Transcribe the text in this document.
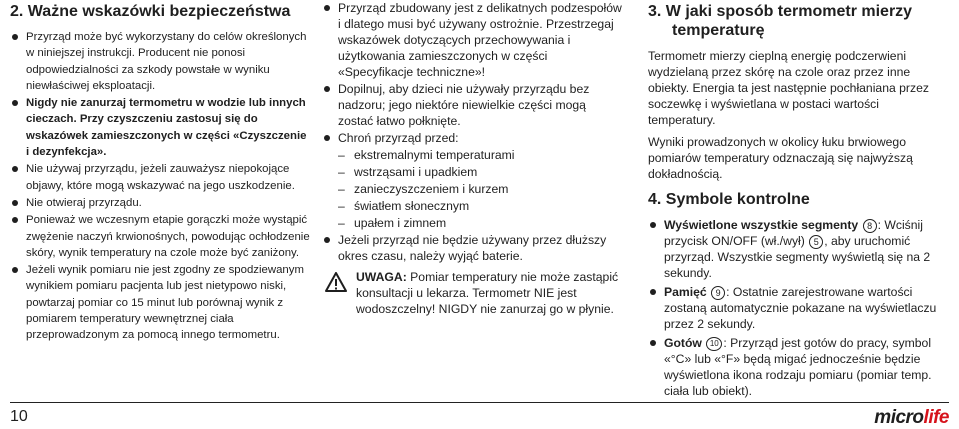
2. Ważne wskazówki bezpieczeństwa
Przyrząd może być wykorzystany do celów określonych w niniejszej instrukcji. Producent nie ponosi odpowiedzialności za szkody powstałe w wyniku niewłaściwej eksploatacji.
Nigdy nie zanurzaj termometru w wodzie lub innych cieczach. Przy czyszczeniu zastosuj się do wskazówek zamieszczonych w części «Czyszczenie i dezynfekcja».
Nie używaj przyrządu, jeżeli zauważysz niepokojące objawy, które mogą wskazywać na jego uszkodzenie.
Nie otwieraj przyrządu.
Ponieważ we wczesnym etapie gorączki może wystąpić zwężenie naczyń krwionośnych, powodując ochłodzenie skóry, wynik temperatury na czole może być zaniżony.
Jeżeli wynik pomiaru nie jest zgodny ze spodziewanym wynikiem pomiaru pacjenta lub jest nietypowo niski, powtarzaj pomiar co 15 minut lub porównaj wynik z pomiarem temperatury wewnętrznej ciała przeprowadzonym za pomocą innego termometru.
Przyrząd zbudowany jest z delikatnych podzespołów i dlatego musi być używany ostrożnie. Przestrzegaj wskazówek dotyczących przechowywania i użytkowania zamieszczonych w części «Specyfikacje techniczne»!
Dopilnuj, aby dzieci nie używały przyrządu bez nadzoru; jego niektóre niewielkie części mogą zostać łatwo połknięte.
Chroń przyrząd przed:
– ekstremalnymi temperaturami
– wstrząsami i upadkiem
– zanieczyszczeniem i kurzem
– światłem słonecznym
– upałem i zimnem
Jeżeli przyrząd nie będzie używany przez dłuższy okres czasu, należy wyjąć baterie.
UWAGA: Pomiar temperatury nie może zastąpić konsultacji u lekarza. Termometr NIE jest wodoszczelny! NIGDY nie zanurzaj go w płynie.
3. W jaki sposób termometr mierzy temperaturę

Termometr mierzy cieplną energię podczerwieni wydzielaną przez skórę na czole oraz przez inne obiekty. Energia ta jest następnie pochłaniana przez soczewkę i wyświetlana w postaci wartości temperatury.

Wyniki prowadzonych w okolicy łuku brwiowego pomiarów temperatury odznaczają się najwyższą dokładnością.

4. Symbole kontrolne
Wyświetlone wszystkie segmenty 8 : Wciśnij przycisk ON/OFF (wł./wył) 5 , aby uruchomić przyrząd. Wszystkie segmenty wyświetlą się na 2 sekundy.
Pamięć 9 : Ostatnie zarejestrowane wartości zostaną automatycznie pokazane na wyświetlaczu przez 2 sekundy.
Gotów 10 : Przyrząd jest gotów do pracy, symbol «°C» lub «°F» będą migać jednocześnie będzie wyświetlona ikona rodzaju pomiaru (pomiar temp. ciała lub obiekt).
10	microlife
